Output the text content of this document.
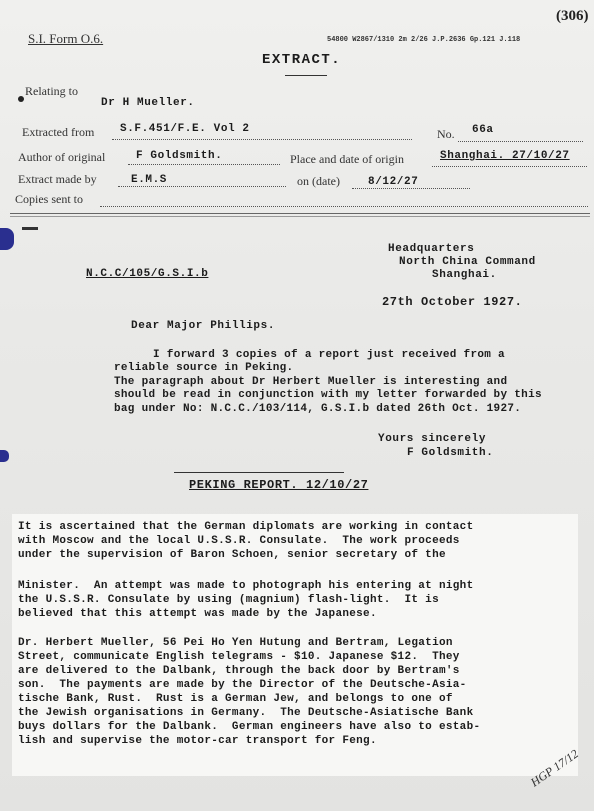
S.I. Form O.6.	54800 W2867/1310 2m 2/26 J.P.2636 Gp.121 J.118
(306)
EXTRACT.
Relating to
Dr H Mueller.
Extracted from S.F.451/F.E. Vol 2	No. 66a
Author of original	F Goldsmith.	Place and date of origin	Shanghai. 27/10/27
Extract made by	E.M.S	on (date)	8/12/27
Copies sent to
Headquarters
North China Command
Shanghai.
N.C.C/105/G.S.I.b
27th October 1927.
Dear Major Phillips.
I forward 3 copies of a report just received from a
reliable source in Peking.
The paragraph about Dr Herbert Mueller is interesting and
should be read in conjunction with my letter forwarded by this
bag under No: N.C.C./103/114, G.S.I.b dated 26th Oct. 1927.
Yours sincerely
F Goldsmith.
PEKING REPORT. 12/10/27
It is ascertained that the German diplomats are working in contact
with Moscow and the local U.S.S.R. Consulate.  The work proceeds
under the supervision of Baron Schoen, senior secretary of the
Minister.  An attempt was made to photograph his entering at night
the U.S.S.R. Consulate by using (magnium) flash-light.  It is
believed that this attempt was made by the Japanese.
Dr. Herbert Mueller, 56 Pei Ho Yen Hutung and Bertram, Legation
Street, communicate English telegrams - $10. Japanese $12.  They
are delivered to the Dalbank, through the back door by Bertram's
son.  The payments are made by the Director of the Deutsche-Asia-
tische Bank, Rust.  Rust is a German Jew, and belongs to one of
the Jewish organisations in Germany.  The Deutsche-Asiatische Bank
buys dollars for the Dalbank.  German engineers have also to estab-
lish and supervise the motor-car transport for Feng.
HGP 17/12
